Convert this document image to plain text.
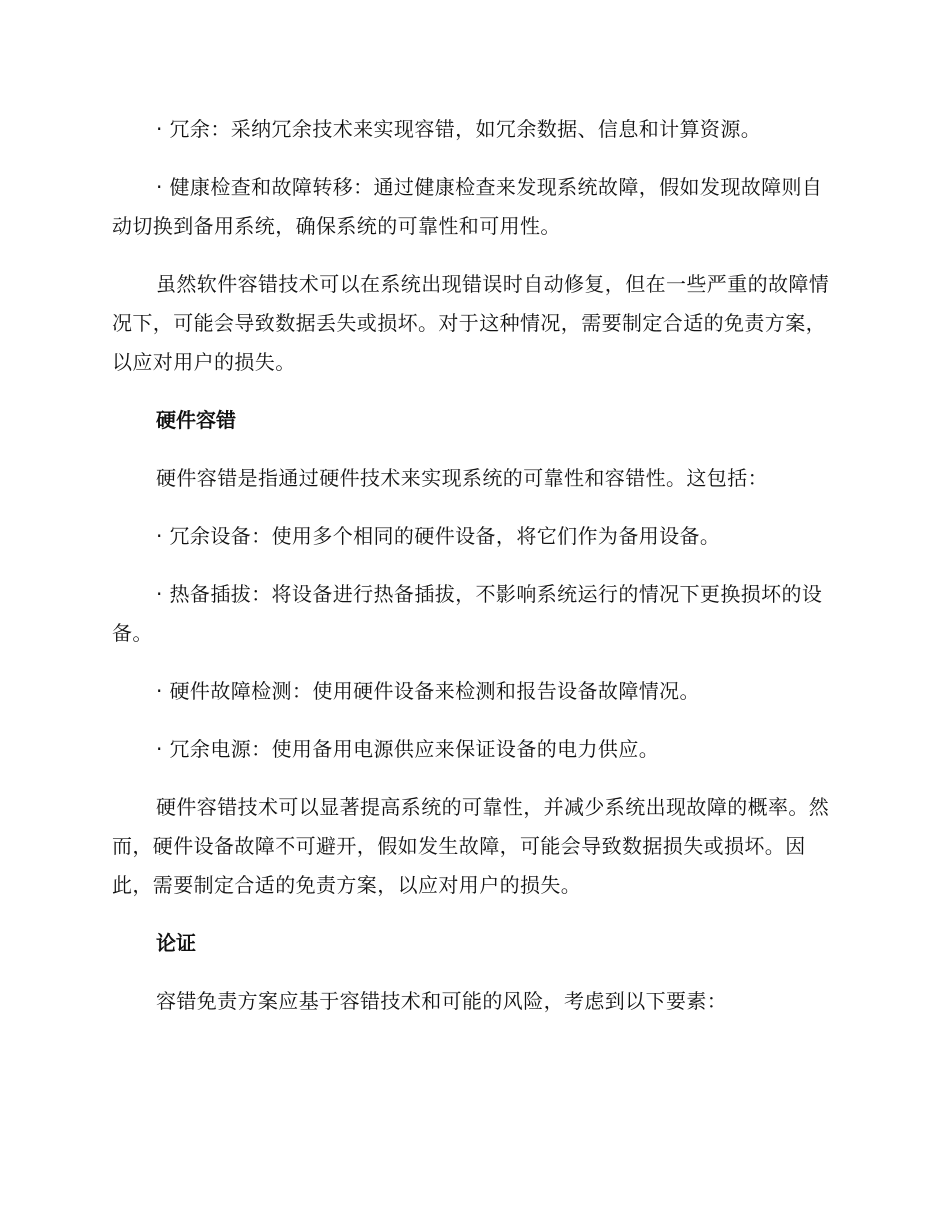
· 冗余：采纳冗余技术来实现容错，如冗余数据、信息和计算资源。

· 健康检查和故障转移：通过健康检查来发现系统故障，假如发现故障则自动切换到备用系统，确保系统的可靠性和可用性。

虽然软件容错技术可以在系统出现错误时自动修复，但在一些严重的故障情况下，可能会导致数据丢失或损坏。对于这种情况，需要制定合适的免责方案，以应对用户的损失。

硬件容错

硬件容错是指通过硬件技术来实现系统的可靠性和容错性。这包括：

· 冗余设备：使用多个相同的硬件设备，将它们作为备用设备。

· 热备插拔：将设备进行热备插拔，不影响系统运行的情况下更换损坏的设备。

· 硬件故障检测：使用硬件设备来检测和报告设备故障情况。

· 冗余电源：使用备用电源供应来保证设备的电力供应。

硬件容错技术可以显著提高系统的可靠性，并减少系统出现故障的概率。然而，硬件设备故障不可避开，假如发生故障，可能会导致数据损失或损坏。因此，需要制定合适的免责方案，以应对用户的损失。

论证

容错免责方案应基于容错技术和可能的风险，考虑到以下要素：
